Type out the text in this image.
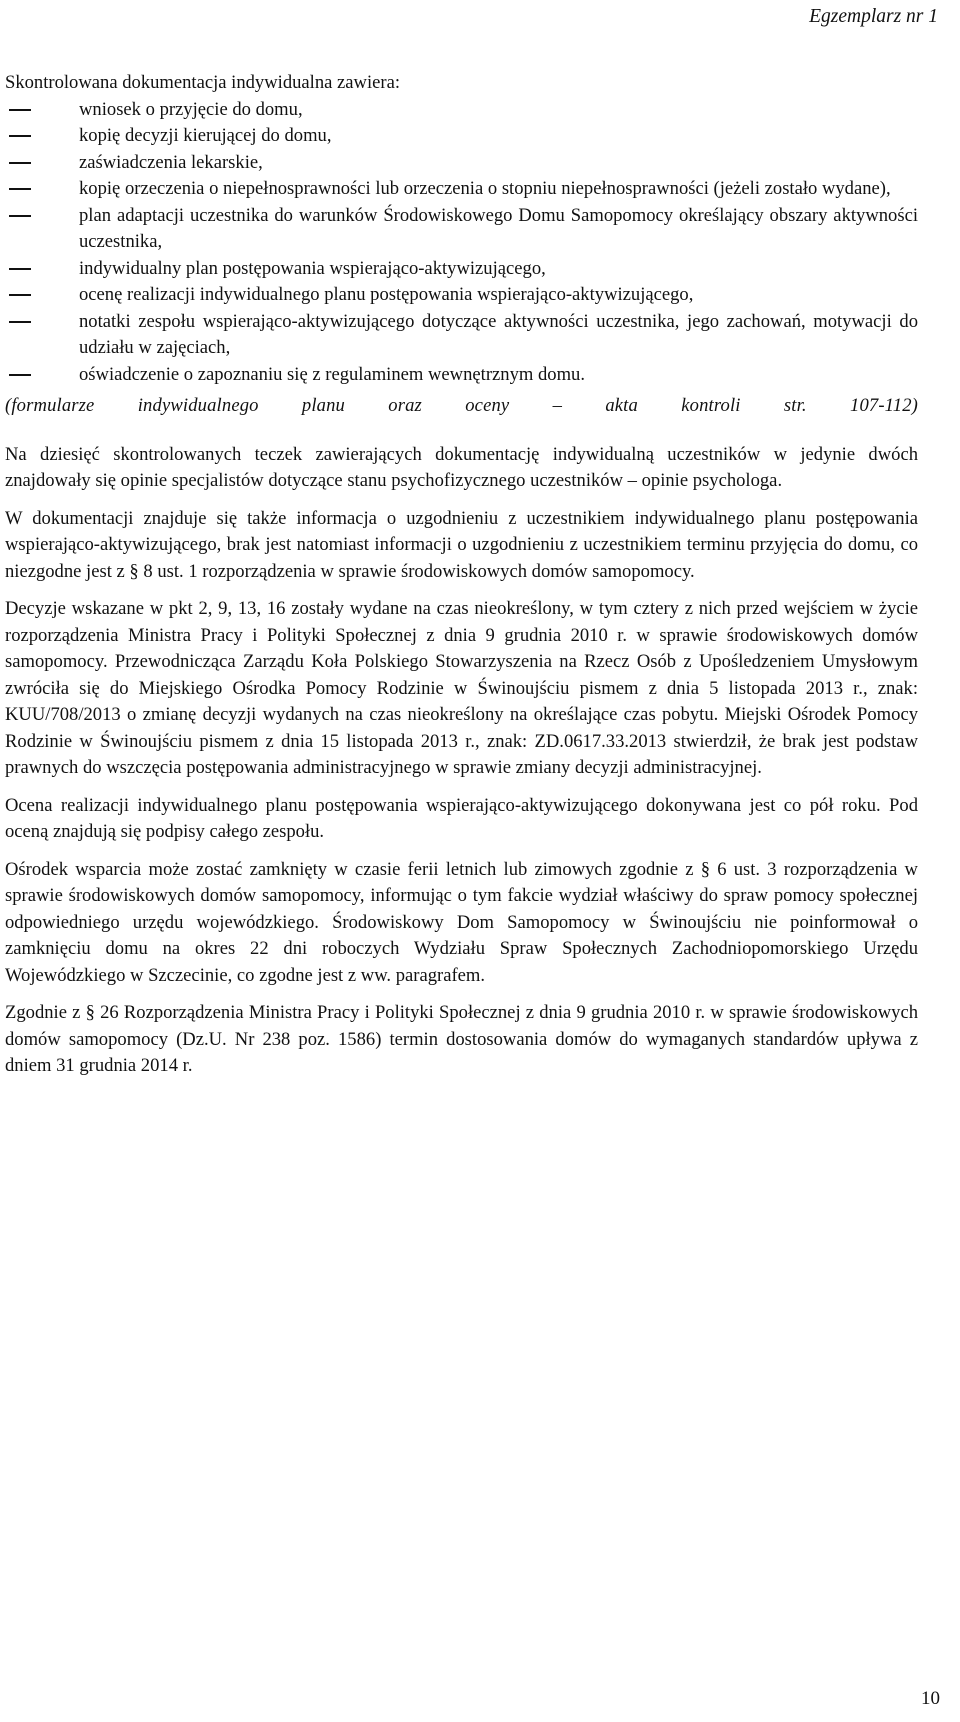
Egzemplarz nr 1

Skontrolowana dokumentacja indywidualna zawiera:

wniosek o przyjęcie do domu,
kopię decyzji kierującej do domu,
zaświadczenia lekarskie,
kopię orzeczenia o niepełnosprawności lub orzeczenia o stopniu niepełnosprawności (jeżeli zostało wydane),
plan adaptacji uczestnika do warunków Środowiskowego Domu Samopomocy określający obszary aktywności uczestnika,
indywidualny plan postępowania wspierająco-aktywizującego,
ocenę realizacji indywidualnego planu postępowania wspierająco-aktywizującego,
notatki zespołu wspierająco-aktywizującego dotyczące aktywności uczestnika, jego zachowań, motywacji do udziału w zajęciach,
oświadczenie o zapoznaniu się z regulaminem wewnętrznym domu.

(formularze indywidualnego planu oraz oceny – akta kontroli str. 107-112)

Na dziesięć skontrolowanych teczek zawierających dokumentację indywidualną uczestników w jedynie dwóch znajdowały się opinie specjalistów dotyczące stanu psychofizycznego uczestników – opinie psychologa.

W dokumentacji znajduje się także informacja o uzgodnieniu z uczestnikiem indywidualnego planu postępowania wspierająco-aktywizującego, brak jest natomiast informacji o uzgodnieniu z uczestnikiem terminu przyjęcia do domu, co niezgodne jest z § 8 ust. 1 rozporządzenia w sprawie środowiskowych domów samopomocy.

Decyzje wskazane w pkt 2, 9, 13, 16 zostały wydane na czas nieokreślony, w tym cztery z nich przed wejściem w życie rozporządzenia Ministra Pracy i Polityki Społecznej z dnia 9 grudnia 2010 r. w sprawie środowiskowych domów samopomocy. Przewodnicząca Zarządu Koła Polskiego Stowarzyszenia na Rzecz Osób z Upośledzeniem Umysłowym zwróciła się do Miejskiego Ośrodka Pomocy Rodzinie w Świnoujściu pismem z dnia 5 listopada 2013 r., znak: KUU/708/2013 o zmianę decyzji wydanych na czas nieokreślony na określające czas pobytu. Miejski Ośrodek Pomocy Rodzinie w Świnoujściu pismem z dnia 15 listopada 2013 r., znak: ZD.0617.33.2013 stwierdził, że brak jest podstaw prawnych do wszczęcia postępowania administracyjnego w sprawie zmiany decyzji administracyjnej.

Ocena realizacji indywidualnego planu postępowania wspierająco-aktywizującego dokonywana jest co pół roku. Pod oceną znajdują się podpisy całego zespołu.

Ośrodek wsparcia może zostać zamknięty w czasie ferii letnich lub zimowych zgodnie z § 6 ust. 3 rozporządzenia w sprawie środowiskowych domów samopomocy, informując o tym fakcie wydział właściwy do spraw pomocy społecznej odpowiedniego urzędu wojewódzkiego. Środowiskowy Dom Samopomocy w Świnoujściu nie poinformował o zamknięciu domu na okres 22 dni roboczych Wydziału Spraw Społecznych Zachodniopomorskiego Urzędu Wojewódzkiego w Szczecinie, co zgodne jest z ww. paragrafem.

Zgodnie z § 26 Rozporządzenia Ministra Pracy i Polityki Społecznej z dnia 9 grudnia 2010 r. w sprawie środowiskowych domów samopomocy (Dz.U. Nr 238 poz. 1586) termin dostosowania domów do wymaganych standardów upływa z dniem 31 grudnia 2014 r.

10
